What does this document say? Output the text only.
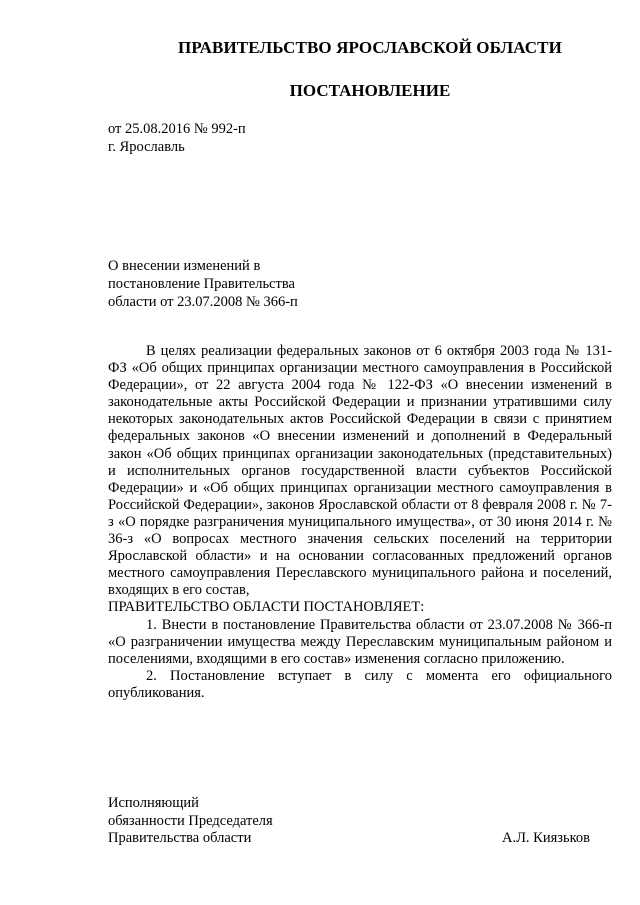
ПРАВИТЕЛЬСТВО ЯРОСЛАВСКОЙ ОБЛАСТИ
ПОСТАНОВЛЕНИЕ
от 25.08.2016 № 992-п
г. Ярославль
О внесении изменений в
постановление Правительства
области от 23.07.2008 № 366-п

В целях реализации федеральных законов от 6 октября 2003 года № 131-ФЗ «Об общих принципах организации местного самоуправления в Российской Федерации», от 22 августа 2004 года № 122-ФЗ «О внесении изменений в законодательные акты Российской Федерации и признании утратившими силу некоторых законодательных актов Российской Федерации в связи с принятием федеральных законов «О внесении изменений и дополнений в Федеральный закон «Об общих принципах организации законодательных (представительных) и исполнительных органов государственной власти субъектов Российской Федерации» и «Об общих принципах организации местного самоуправления в Российской Федерации», законов Ярославской области от 8 февраля 2008 г. № 7-з «О порядке разграничения муниципального имущества», от 30 июня 2014 г. № 36-з «О вопросах местного значения сельских поселений на территории Ярославской области» и на основании согласованных предложений органов местного самоуправления Переславского муниципального района и поселений, входящих в его состав,

ПРАВИТЕЛЬСТВО ОБЛАСТИ ПОСТАНОВЛЯЕТ:

1. Внести в постановление Правительства области от 23.07.2008 № 366-п «О разграничении имущества между Переславским муниципальным районом и поселениями, входящими в его состав» изменения согласно приложению.

2. Постановление вступает в силу с момента его официального опубликования.

Исполняющий
обязанности Председателя
Правительства области	А.Л. Киязьков
